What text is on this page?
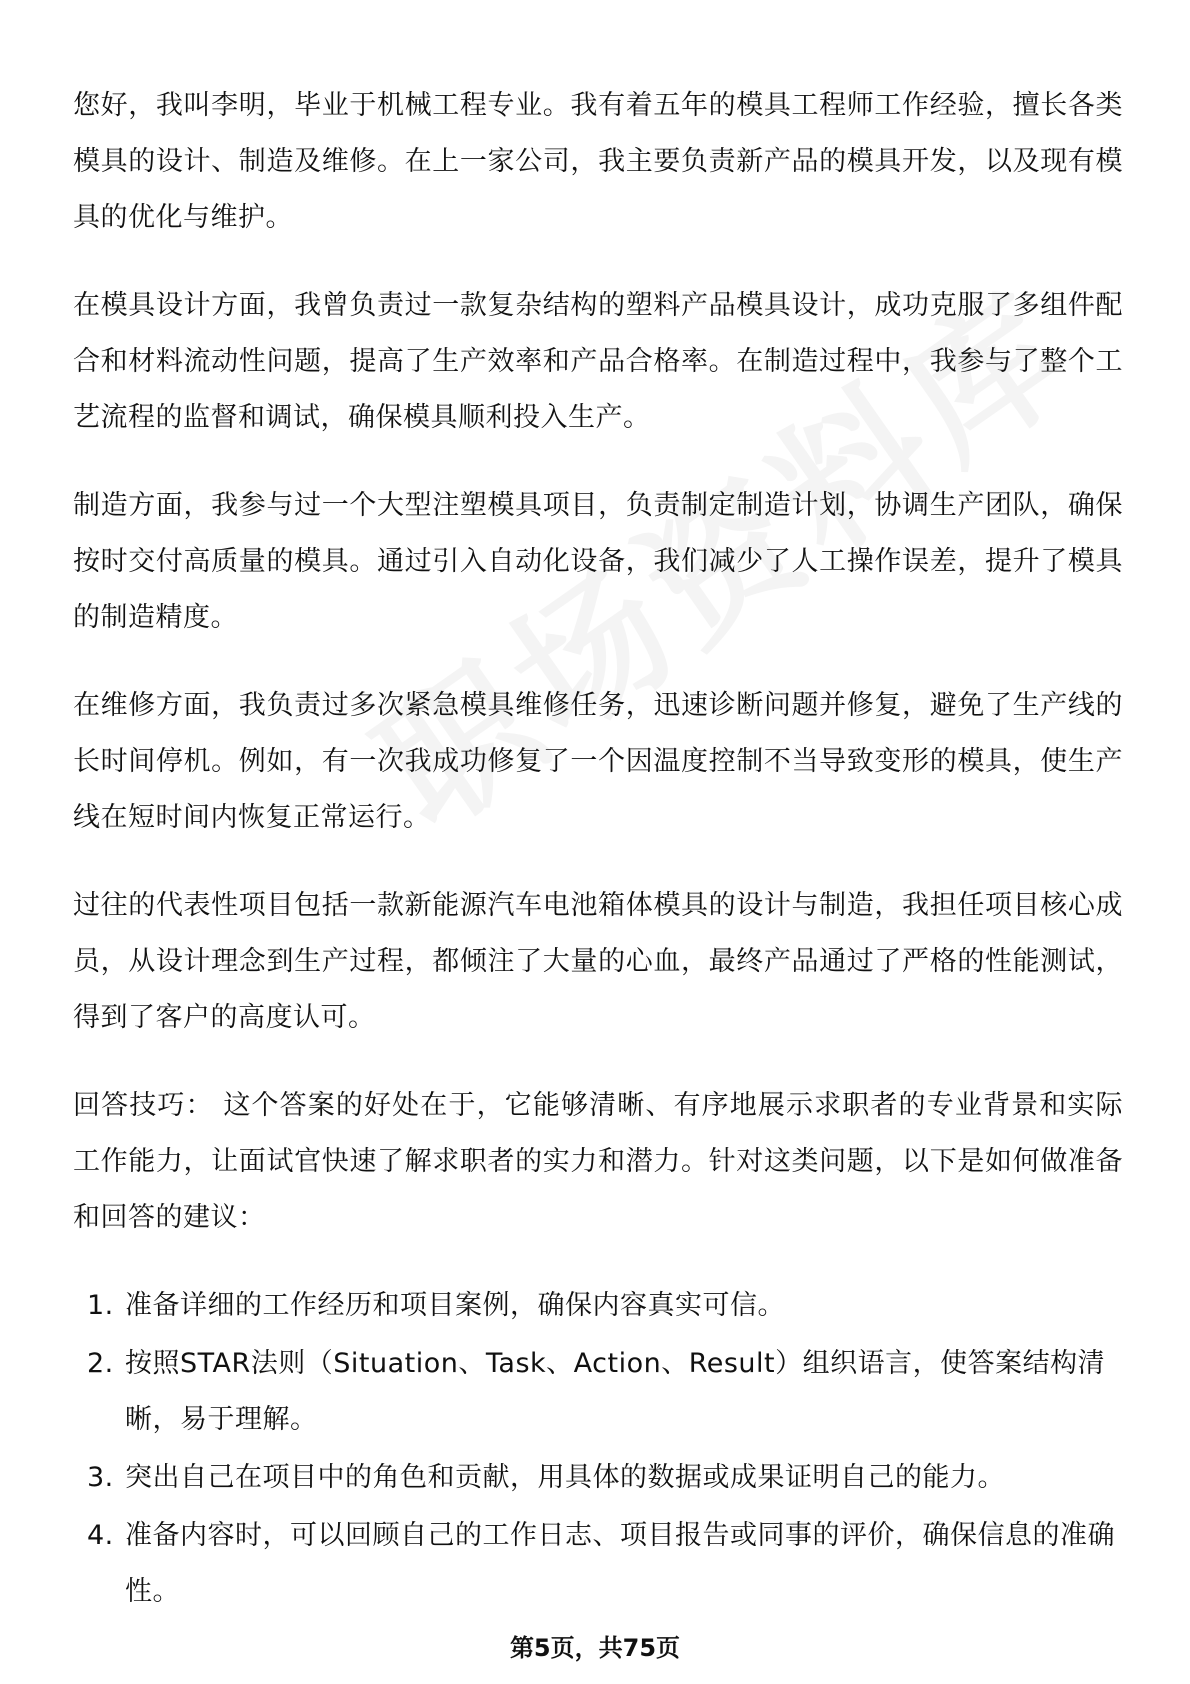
您好，我叫李明，毕业于机械工程专业。我有着五年的模具工程师工作经验，擅长各类模具的设计、制造及维修。在上一家公司，我主要负责新产品的模具开发，以及现有模具的优化与维护。

在模具设计方面，我曾负责过一款复杂结构的塑料产品模具设计，成功克服了多组件配合和材料流动性问题，提高了生产效率和产品合格率。在制造过程中，我参与了整个工艺流程的监督和调试，确保模具顺利投入生产。

制造方面，我参与过一个大型注塑模具项目，负责制定制造计划，协调生产团队，确保按时交付高质量的模具。通过引入自动化设备，我们减少了人工操作误差，提升了模具的制造精度。

在维修方面，我负责过多次紧急模具维修任务，迅速诊断问题并修复，避免了生产线的长时间停机。例如，有一次我成功修复了一个因温度控制不当导致变形的模具，使生产线在短时间内恢复正常运行。

过往的代表性项目包括一款新能源汽车电池箱体模具的设计与制造，我担任项目核心成员，从设计理念到生产过程，都倾注了大量的心血，最终产品通过了严格的性能测试，得到了客户的高度认可。

回答技巧： 这个答案的好处在于，它能够清晰、有序地展示求职者的专业背景和实际工作能力，让面试官快速了解求职者的实力和潜力。针对这类问题，以下是如何做准备和回答的建议：

1. 准备详细的工作经历和项目案例，确保内容真实可信。
2. 按照STAR法则（Situation、Task、Action、Result）组织语言，使答案结构清晰，易于理解。
3. 突出自己在项目中的角色和贡献，用具体的数据或成果证明自己的能力。
4. 准备内容时，可以回顾自己的工作日志、项目报告或同事的评价，确保信息的准确性。
第5页，共75页
